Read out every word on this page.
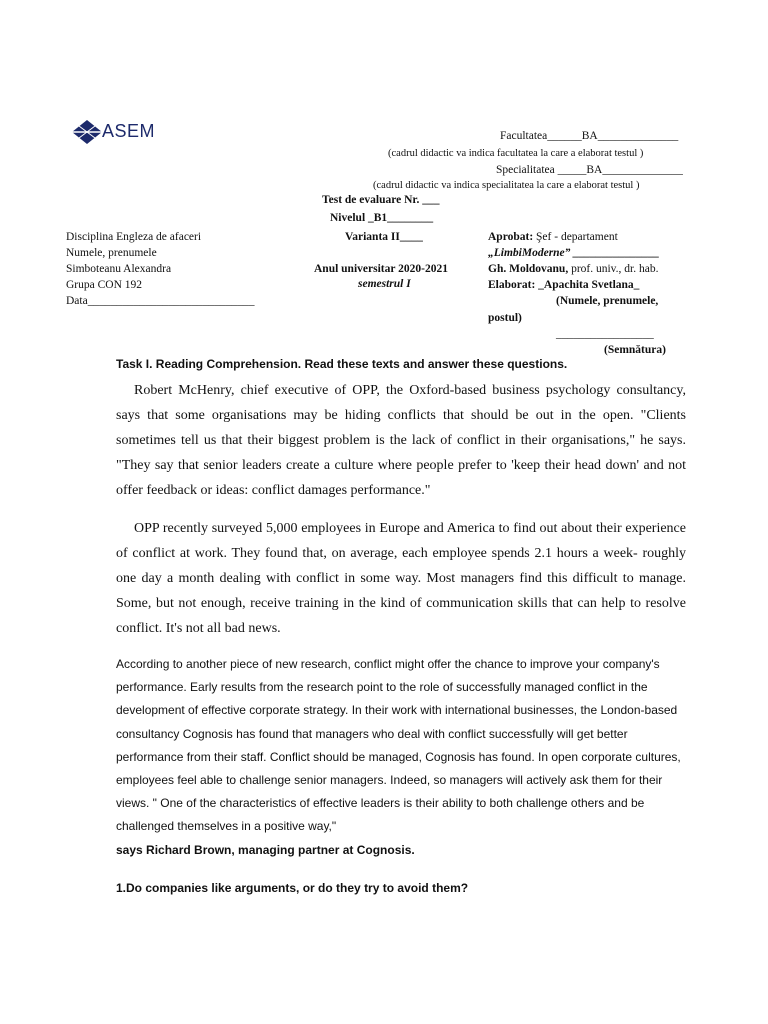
ASEM	Facultatea______BA______________
(cadrul didactic va indica facultatea la care a elaborat testul )
Specialitatea _____BA______________
(cadrul didactic va indica specialitatea la care a elaborat testul )
Test de evaluare Nr. ___
Nivelul _B1________
Varianta II____
Anul universitar 2020-2021
semestrul I
Disciplina Engleza de afaceri
Numele, prenumele
Simboteanu Alexandra
Grupa CON 192
Data_____________________________
Aprobat: Şef - departament
„LimbiModerne” _______________
Gh. Moldovanu, prof. univ., dr. hab.
Elaborat: _Apachita Svetlana_
(Numele, prenumele,
postul)
_________________
(Semnătura)
Task I. Reading Comprehension. Read these texts and answer these questions.

Robert McHenry, chief executive of OPP, the Oxford-based business psychology consultancy, says that some organisations may be hiding conflicts that should be out in the open. "Clients sometimes tell us that their biggest problem is the lack of conflict in their organisations," he says. "They say that senior leaders create a culture where people prefer to 'keep their head down' and not offer feedback or ideas: conflict damages performance."

OPP recently surveyed 5,000 employees in Europe and America to find out about their experience of conflict at work. They found that, on average, each employee spends 2.1 hours a week- roughly one day a month dealing with conflict in some way. Most managers find this difficult to manage. Some, but not enough, receive training in the kind of communication skills that can help to resolve conflict. It's not all bad news.

According to another piece of new research, conflict might offer the chance to improve your company's performance. Early results from the research point to the role of successfully managed conflict in the development of effective corporate strategy. In their work with international businesses, the London-based consultancy Cognosis has found that managers who deal with conflict successfully will get better performance from their staff. Conflict should be managed, Cognosis has found. In open corporate cultures, employees feel able to challenge senior managers. Indeed, so managers will actively ask them for their views. " One of the characteristics of effective leaders is their ability to both challenge others and be challenged themselves in a positive way,"

says Richard Brown, managing partner at Cognosis.

1.Do companies like arguments, or do they try to avoid them?
